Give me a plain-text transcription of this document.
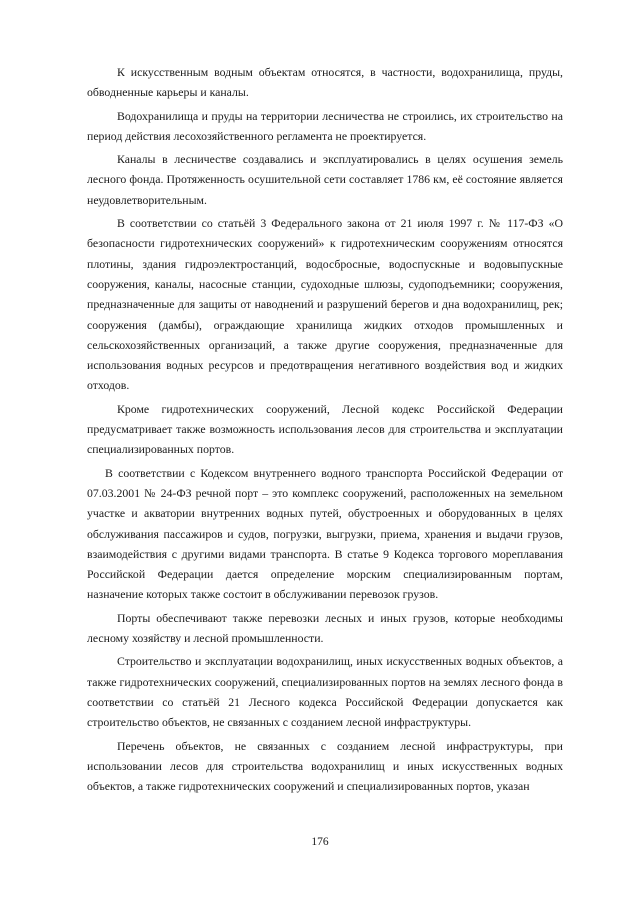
К искусственным водным объектам относятся, в частности, водохранилища, пруды, обводненные карьеры и каналы.

Водохранилища и пруды на территории лесничества не строились, их строительство на период действия лесохозяйственного регламента не проектируется.

Каналы в лесничестве создавались и эксплуатировались в целях осушения земель лесного фонда. Протяженность осушительной сети составляет 1786 км, её состояние является неудовлетворительным.

В соответствии со статьёй 3 Федерального закона от 21 июля 1997 г. № 117-ФЗ «О безопасности гидротехнических сооружений» к гидротехническим сооружениям относятся плотины, здания гидроэлектростанций, водосбросные, водоспускные и водовыпускные сооружения, каналы, насосные станции, судоходные шлюзы, судоподъемники; сооружения, предназначенные для защиты от наводнений и разрушений берегов и дна водохранилищ, рек; сооружения (дамбы), ограждающие хранилища жидких отходов промышленных и сельскохозяйственных организаций, а также другие сооружения, предназначенные для использования водных ресурсов и предотвращения негативного воздействия вод и жидких отходов.

Кроме гидротехнических сооружений, Лесной кодекс Российской Федерации предусматривает также возможность использования лесов для строительства и эксплуатации специализированных портов.

В соответствии с Кодексом внутреннего водного транспорта Российской Федерации от 07.03.2001 № 24-ФЗ речной порт – это комплекс сооружений, расположенных на земельном участке и акватории внутренних водных путей, обустроенных и оборудованных в целях обслуживания пассажиров и судов, погрузки, выгрузки, приема, хранения и выдачи грузов, взаимодействия с другими видами транспорта. В статье 9 Кодекса торгового мореплавания Российской Федерации дается определение морским специализированным портам, назначение которых также состоит в обслуживании перевозок грузов.

Порты обеспечивают также перевозки лесных и иных грузов, которые необходимы лесному хозяйству и лесной промышленности.

Строительство и эксплуатации водохранилищ, иных искусственных водных объектов, а также гидротехнических сооружений, специализированных портов на землях лесного фонда в соответствии со статьёй 21 Лесного кодекса Российской Федерации допускается как строительство объектов, не связанных с созданием лесной инфраструктуры.

Перечень объектов, не связанных с созданием лесной инфраструктуры, при использовании лесов для строительства водохранилищ и иных искусственных водных объектов, а также гидротехнических сооружений и специализированных портов, указан

176
